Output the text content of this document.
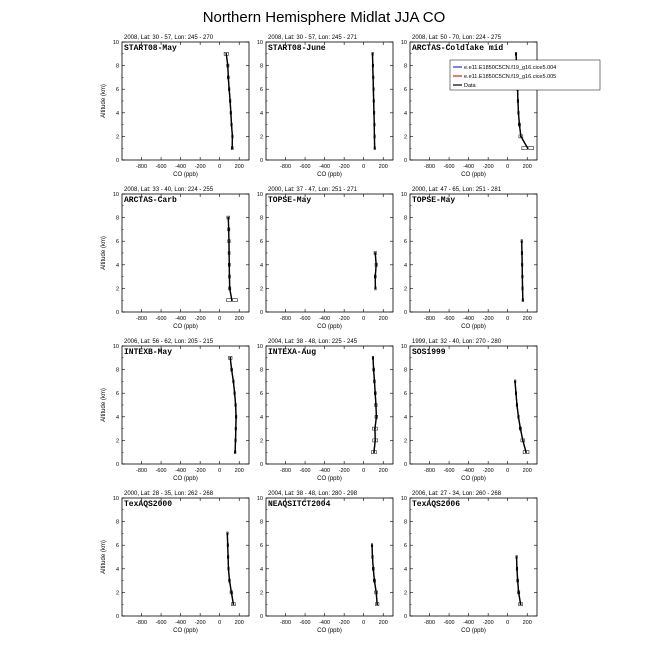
Northern Hemisphere Midlat JJA CO
2008, Lat: 30 - 57, Lon: 245 - 270
0
2
4
6
8
10
-800 -600 -400 -200 0 200
CO (ppb)
Altitude (km)
START08-May
2008, Lat: 30 - 57, Lon: 245 - 271
0
2
4
6
8
10
-800 -600 -400 -200 0 200
CO (ppb)
START08-June
2008, Lat: 50 - 70, Lon: 224 - 275
0
2
4
6
8
10
-800 -600 -400 -200 0 200
CO (ppb)
ARCTAS-Coldlake mid
e.e11.E1850C5CN.f19_g16.cice5.004
e.e11.E1850C5CN.f19_g16.cice5.005
Data
2008, Lat: 33 - 40, Lon: 224 - 255
0
2
4
6
8
10
-800 -600 -400 -200 0 200
CO (ppb)
Altitude (km)
ARCTAS-Carb
2000, Lat: 37 - 47, Lon: 251 - 271
0
2
4
6
8
10
-800 -600 -400 -200 0 200
CO (ppb)
TOPSE-May
2000, Lat: 47 - 65, Lon: 251 - 281
0
2
4
6
8
10
-800 -600 -400 -200 0 200
CO (ppb)
TOPSE-May
2006, Lat: 56 - 62, Lon: 205 - 215
0
2
4
6
8
10
-800 -600 -400 -200 0 200
CO (ppb)
Altitude (km)
INTEXB-May
2004, Lat: 38 - 48, Lon: 225 - 245
0
2
4
6
8
10
-800 -600 -400 -200 0 200
CO (ppb)
INTEXA-Aug
1999, Lat: 32 - 40, Lon: 270 - 280
0
2
4
6
8
10
-800 -600 -400 -200 0 200
CO (ppb)
SOS1999
2000, Lat: 28 - 35, Lon: 262 - 268
0
2
4
6
8
10
-800 -600 -400 -200 0 200
CO (ppb)
Altitude (km)
TexAQS2000
2004, Lat: 38 - 48, Lon: 280 - 298
0
2
4
6
8
10
-800 -600 -400 -200 0 200
CO (ppb)
NEAQSITCT2004
2006, Lat: 27 - 34, Lon: 260 - 268
0
2
4
6
8
10
-800 -600 -400 -200 0 200
CO (ppb)
TexAQS2006
